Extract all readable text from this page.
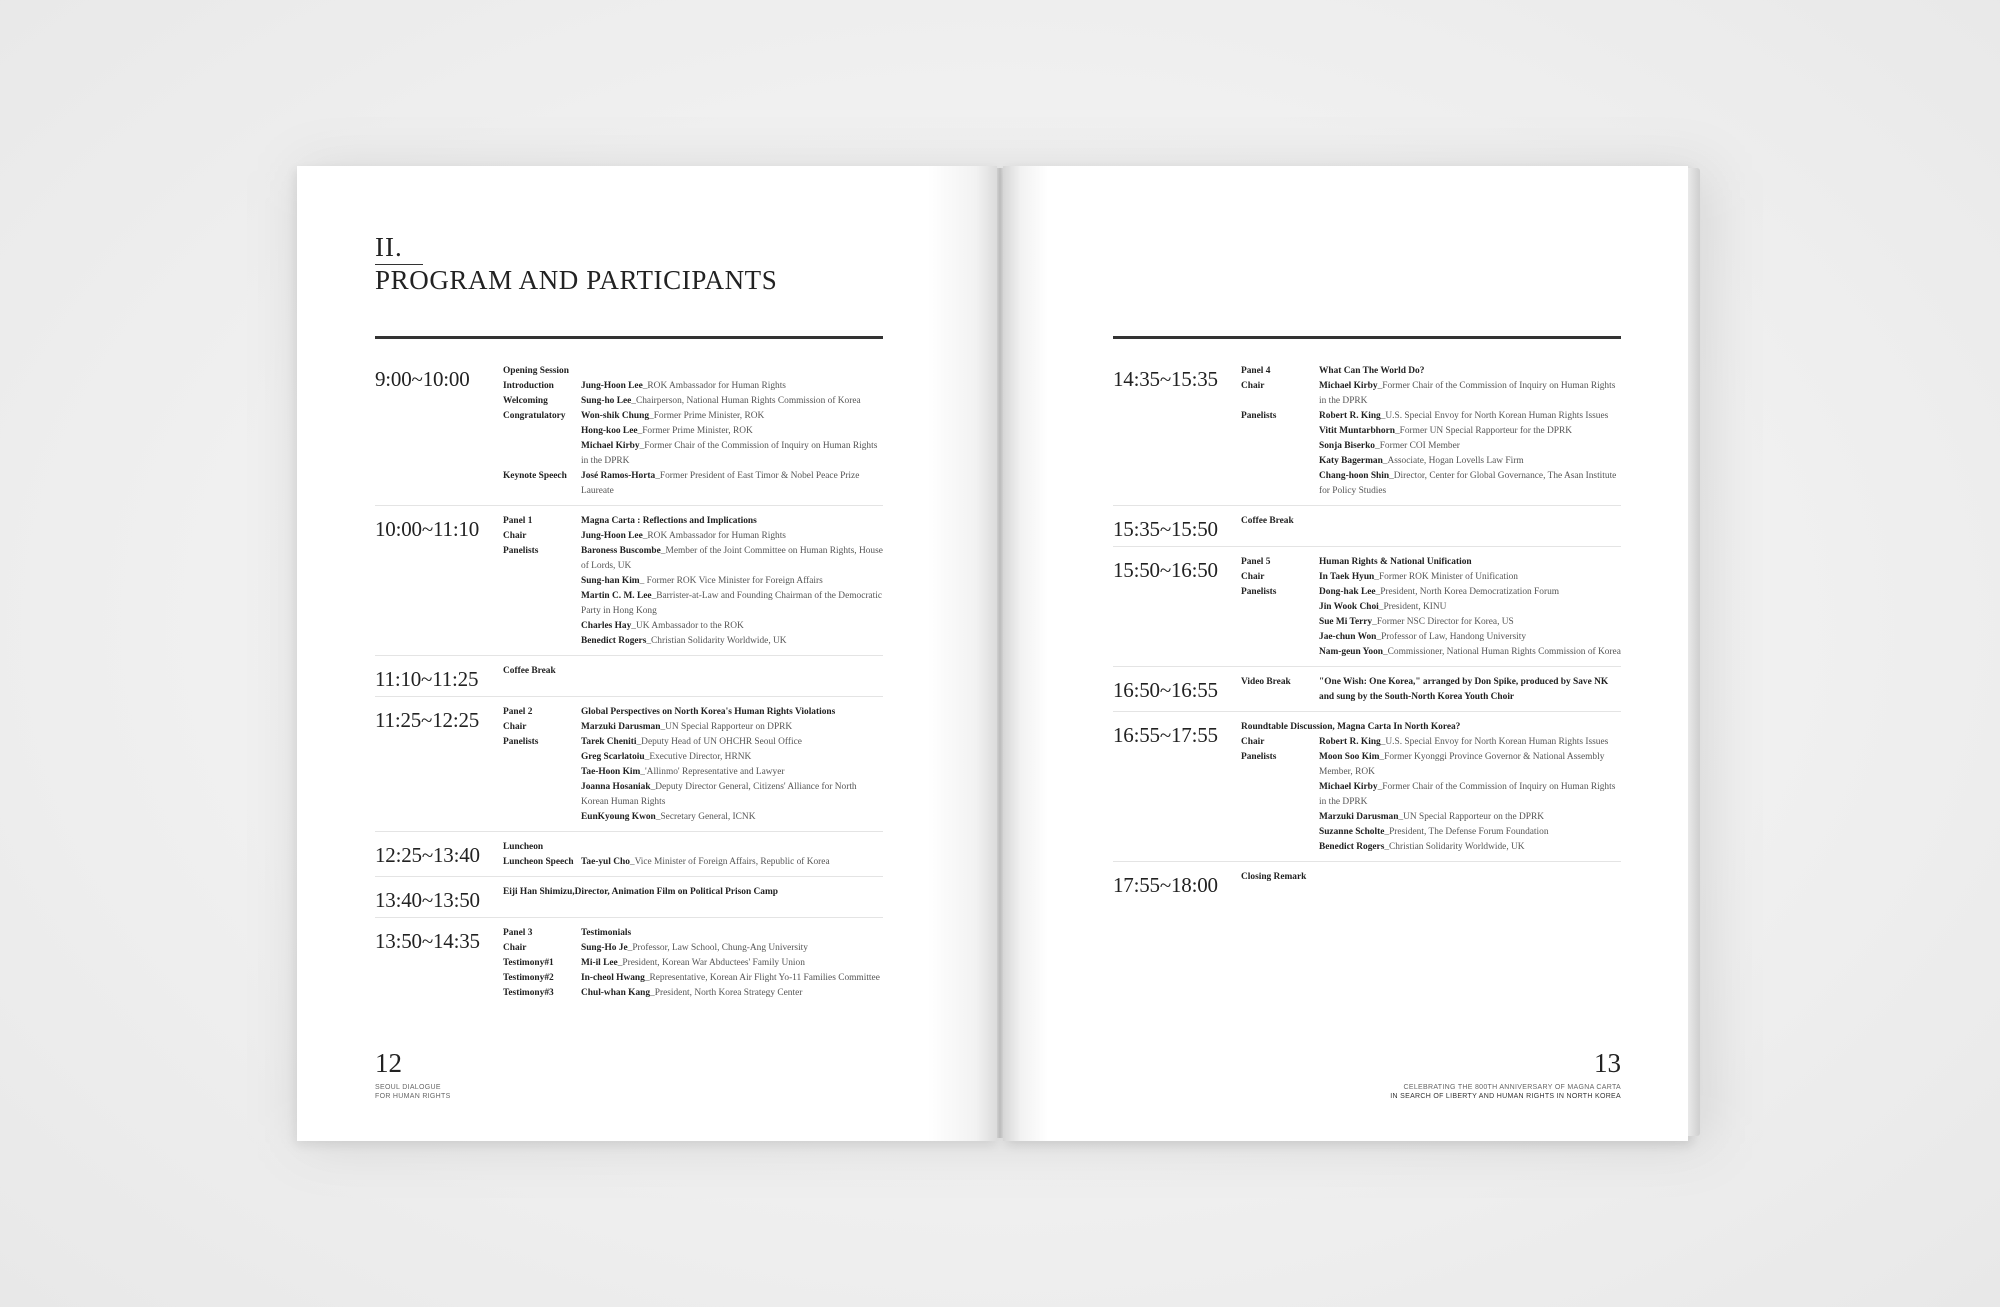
II.
PROGRAM AND PARTICIPANTS
9:00~10:00	Opening Session
Introduction	Jung-Hoon Lee_ROK Ambassador for Human Rights
Welcoming	Sung-ho Lee_Chairperson, National Human Rights Commission of Korea
Congratulatory	Won-shik Chung_Former Prime Minister, ROK
Hong-koo Lee_Former Prime Minister, ROK
Michael Kirby_Former Chair of the Commission of Inquiry on Human Rights in the DPRK
Keynote Speech	José Ramos-Horta_Former President of East Timor & Nobel Peace Prize Laureate
10:00~11:10	Panel 1	Magna Carta : Reflections and Implications
Chair	Jung-Hoon Lee_ROK Ambassador for Human Rights
Panelists	Baroness Buscombe_Member of the Joint Committee on Human Rights, House of Lords, UK
Sung-han Kim_ Former ROK Vice Minister for Foreign Affairs
Martin C. M. Lee_Barrister-at-Law and Founding Chairman of the Democratic Party in Hong Kong
Charles Hay_UK Ambassador to the ROK
Benedict Rogers_Christian Solidarity Worldwide, UK
11:10~11:25	Coffee Break
11:25~12:25	Panel 2	Global Perspectives on North Korea's Human Rights Violations
Chair	Marzuki Darusman_UN Special Rapporteur on DPRK
Panelists	Tarek Cheniti_Deputy Head of UN OHCHR Seoul Office
Greg Scarlatoiu_Executive Director, HRNK
Tae-Hoon Kim_'Allinmo' Representative and Lawyer
Joanna Hosaniak_Deputy Director General, Citizens' Alliance for North Korean Human Rights
EunKyoung Kwon_Secretary General, ICNK
12:25~13:40	Luncheon
Luncheon Speech Tae-yul Cho_Vice Minister of Foreign Affairs, Republic of Korea
13:40~13:50	Eiji Han Shimizu,Director, Animation Film on Political Prison Camp
13:50~14:35	Panel 3	Testimonials
Chair	Sung-Ho Je_Professor, Law School, Chung-Ang University
Testimony#1	Mi-il Lee_President, Korean War Abductees' Family Union
Testimony#2	In-cheol Hwang_Representative, Korean Air Flight Yo-11 Families Committee
Testimony#3	Chul-whan Kang_President, North Korea Strategy Center
12
SEOUL DIALOGUE
FOR HUMAN RIGHTS
14:35~15:35	Panel 4	What Can The World Do?
Chair	Michael Kirby_Former Chair of the Commission of Inquiry on Human Rights in the DPRK
Panelists	Robert R. King_U.S. Special Envoy for North Korean Human Rights Issues
Vitit Muntarbhorn_Former UN Special Rapporteur for the DPRK
Sonja Biserko_Former COI Member
Katy Bagerman_Associate, Hogan Lovells Law Firm
Chang-hoon Shin_Director, Center for Global Governance, The Asan Institute for Policy Studies
15:35~15:50	Coffee Break
15:50~16:50	Panel 5	Human Rights & National Unification
Chair	In Taek Hyun_Former ROK Minister of Unification
Panelists	Dong-hak Lee_President, North Korea Democratization Forum
Jin Wook Choi_President, KINU
Sue Mi Terry_Former NSC Director for Korea, US
Jae-chun Won_Professor of Law, Handong University
Nam-geun Yoon_Commissioner, National Human Rights Commission of Korea
16:50~16:55	Video Break	"One Wish: One Korea," arranged by Don Spike, produced by Save NK and sung by the South-North Korea Youth Choir
16:55~17:55	Roundtable Discussion, Magna Carta In North Korea?
Chair	Robert R. King_U.S. Special Envoy for North Korean Human Rights Issues
Panelists	Moon Soo Kim_Former Kyonggi Province Governor & National Assembly Member, ROK
Michael Kirby_Former Chair of the Commission of Inquiry on Human Rights in the DPRK
Marzuki Darusman_UN Special Rapporteur on the DPRK
Suzanne Scholte_President, The Defense Forum Foundation
Benedict Rogers_Christian Solidarity Worldwide, UK
17:55~18:00	Closing Remark
13
CELEBRATING THE 800TH ANNIVERSARY OF MAGNA CARTA
IN SEARCH OF LIBERTY AND HUMAN RIGHTS IN NORTH KOREA
